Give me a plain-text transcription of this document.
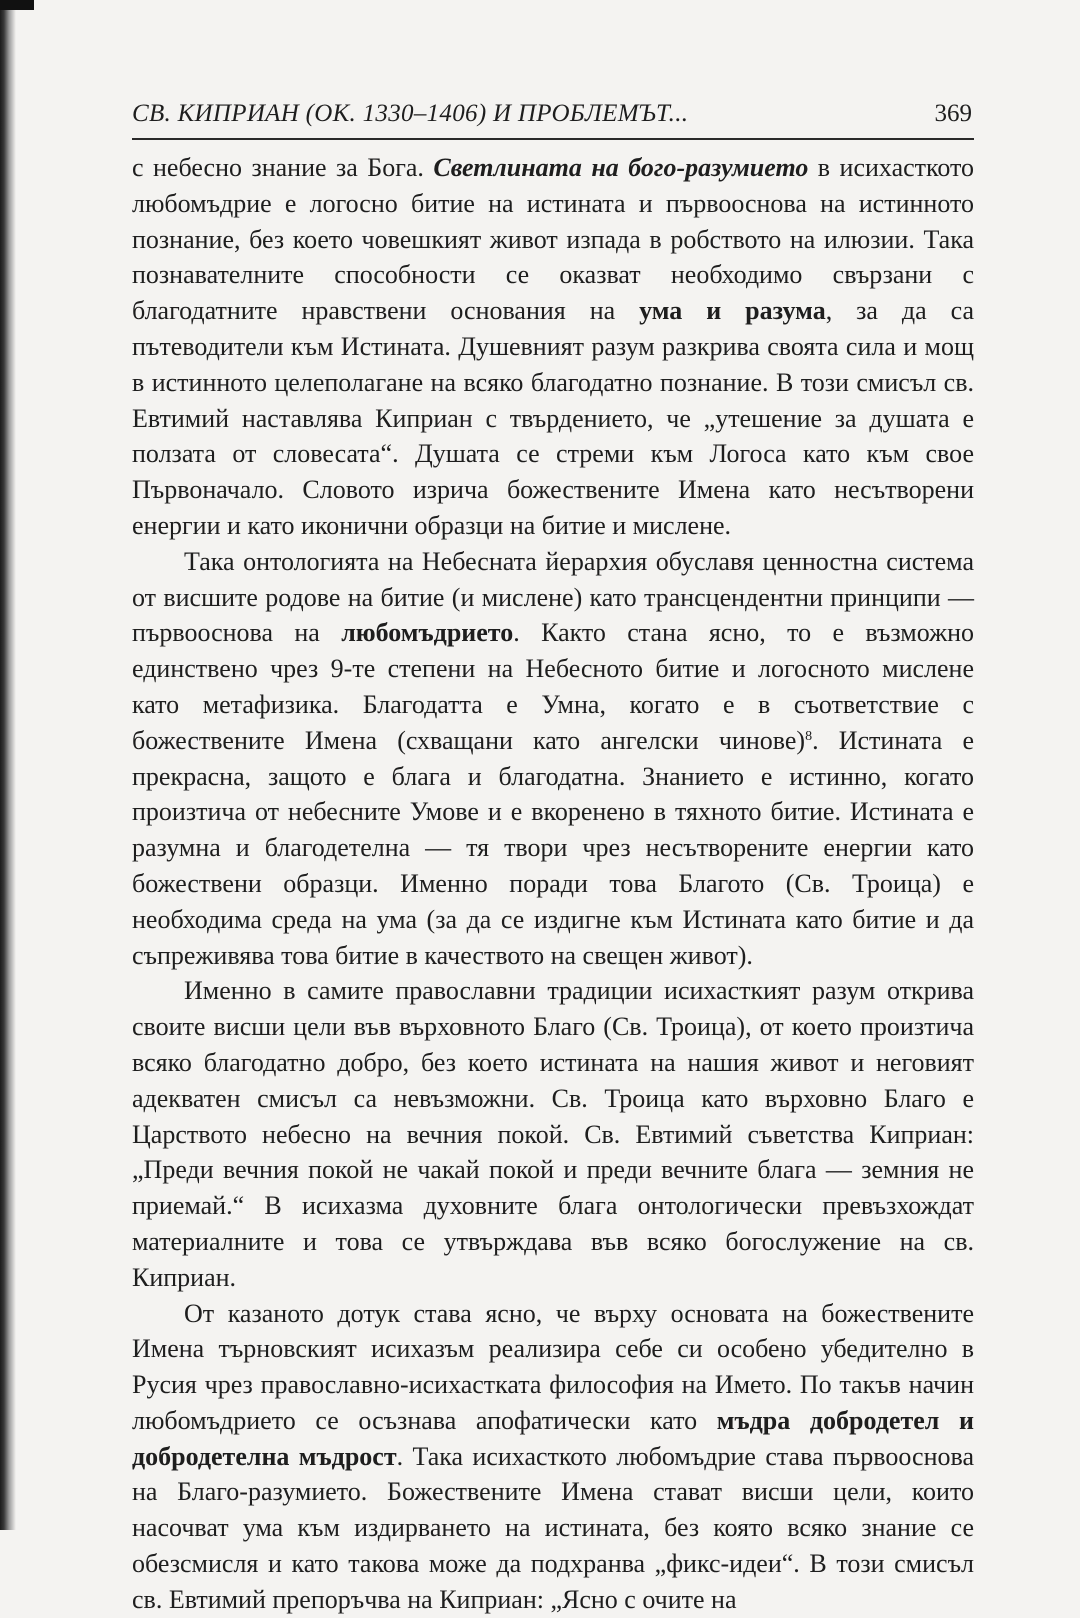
СВ. КИПРИАН (ОК. 1330–1406) И ПРОБЛЕМЪТ...	369

с небесно знание за Бога. Светлината на бого-разумието в исихасткото любомъдрие е логосно битие на истината и първооснова на истинното познание, без което човешкият живот изпада в робството на илюзии. Така познавателните способности се оказват необходимо свързани с благодатните нравствени основания на ума и разума, за да са пътеводители към Истината. Душевният разум разкрива своята сила и мощ в истинното целеполагане на всяко благодатно познание. В този смисъл св. Евтимий наставлява Киприан с твърдението, че „утешение за душата е ползата от словесата“. Душата се стреми към Логоса като към свое Първоначало. Словото изрича божествените Имена като несътворени енергии и като иконични образци на битие и мислене.

Така онтологията на Небесната йерархия обуславя ценностна система от висшите родове на битие (и мислене) като трансцендентни принципи — първооснова на любомъдрието. Както стана ясно, то е възможно единствено чрез 9-те степени на Небесното битие и логосното мислене като метафизика. Благодатта е Умна, когато е в съответствие с божествените Имена (схващани като ангелски чинове)$^8$. Истината е прекрасна, защото е блага и благодатна. Знанието е истинно, когато произтича от небесните Умове и е вкоренено в тяхното битие. Истината е разумна и благодетелна — тя твори чрез несътворените енергии като божествени образци. Именно поради това Благото (Св. Троица) е необходима среда на ума (за да се издигне към Истината като битие и да съпреживява това битие в качеството на свещен живот).

Именно в самите православни традиции исихасткият разум открива своите висши цели във върховното Благо (Св. Троица), от което произтича всяко благодатно добро, без което истината на нашия живот и неговият адекватен смисъл са невъзможни. Св. Троица като върховно Благо е Царството небесно на вечния покой. Св. Евтимий съветства Киприан: „Преди вечния покой не чакай покой и преди вечните блага — земния не приемай.“ В исихазма духовните блага онтологически превъзхождат материалните и това се утвърждава във всяко богослужение на св. Киприан.

От казаното дотук става ясно, че върху основата на божествените Имена търновският исихазъм реализира себе си особено убедително в Русия чрез православно-исихастката философия на Името. По такъв начин любомъдрието се осъзнава апофатически като мъдра добродетел и добродетелна мъдрост. Така исихасткото любомъдрие става първооснова на Благо-разумието. Божествените Имена стават висши цели, които насочват ума към издирването на истината, без която всяко знание се обезсмисля и като такова може да подхранва „фикс-идеи“. В този смисъл св. Евтимий препоръчва на Киприан: „Ясно с очите на
